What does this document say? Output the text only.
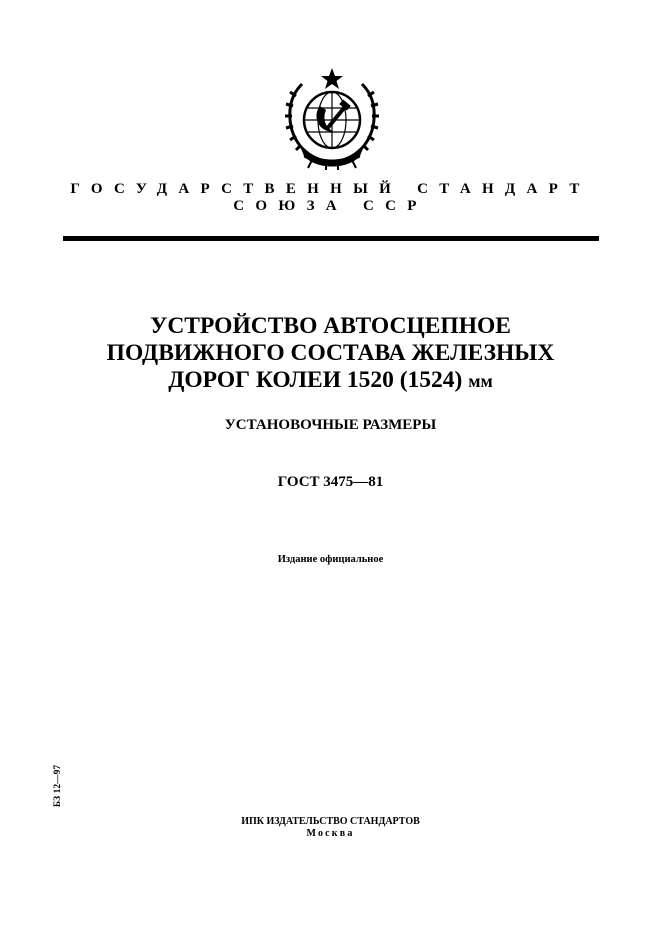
ГОСУДАРСТВЕННЫЙ СТАНДАРТ
СОЮЗА ССР
УСТРОЙСТВО АВТОСЦЕПНОЕ
ПОДВИЖНОГО СОСТАВА ЖЕЛЕЗНЫХ
ДОРОГ КОЛЕИ 1520 (1524) мм
УСТАНОВОЧНЫЕ РАЗМЕРЫ
ГОСТ 3475—81
Издание официальное
БЗ 12—97
ИПК ИЗДАТЕЛЬСТВО СТАНДАРТОВ
Москва
